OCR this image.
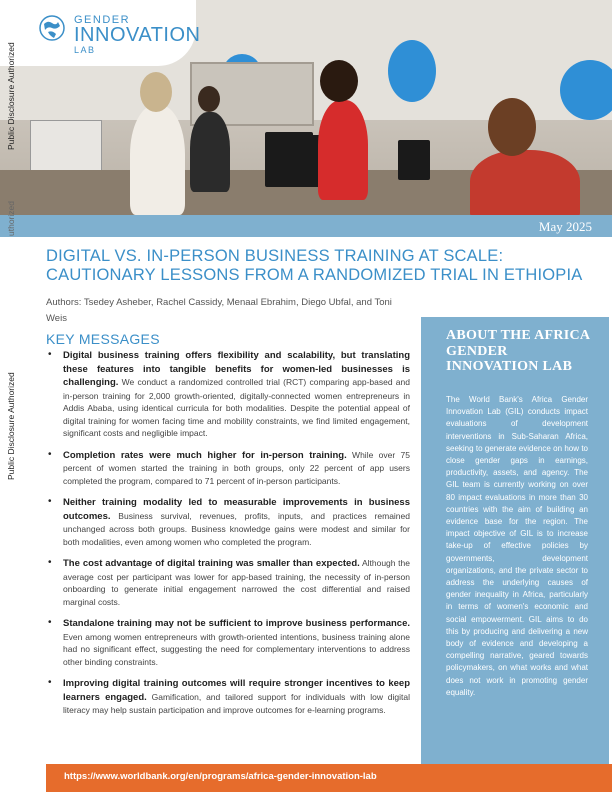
GENDER
INNOVATION
LAB
May 2025
Public Disclosure Authorized
uthorized
Public Disclosure Authorized
DIGITAL VS. IN-PERSON BUSINESS TRAINING AT SCALE:
CAUTIONARY LESSONS FROM A RANDOMIZED TRIAL IN ETHIOPIA
Authors: Tsedey Asheber, Rachel Cassidy, Menaal Ebrahim, Diego Ubfal, and Toni Weis
KEY MESSAGES
• Digital business training offers flexibility and scalability, but translating these features into tangible benefits for women-led businesses is challenging. We conduct a randomized controlled trial (RCT) comparing app-based and in-person training for 2,000 growth-oriented, digitally-connected women entrepreneurs in Addis Ababa, using identical curricula for both modalities. Despite the potential appeal of digital training for women facing time and mobility constraints, we find limited engagement, significant costs and negligible impact.
• Completion rates were much higher for in-person training. While over 75 percent of women started the training in both groups, only 22 percent of app users completed the program, compared to 71 percent of in-person participants.
• Neither training modality led to measurable improvements in business outcomes. Business survival, revenues, profits, inputs, and practices remained unchanged across both groups. Business knowledge gains were modest and similar for both modalities, even among women who completed the program.
• The cost advantage of digital training was smaller than expected. Although the average cost per participant was lower for app-based training, the necessity of in-person onboarding to generate initial engagement narrowed the cost differential and raised marginal costs.
• Standalone training may not be sufficient to improve business performance. Even among women entrepreneurs with growth-oriented intentions, business training alone had no significant effect, suggesting the need for complementary interventions to address other binding constraints.
• Improving digital training outcomes will require stronger incentives to keep learners engaged. Gamification, and tailored support for individuals with low digital literacy may help sustain participation and improve outcomes for e-learning programs.
ABOUT THE AFRICA GENDER INNOVATION LAB
The World Bank's Africa Gender Innovation Lab (GIL) conducts impact evaluations of development interventions in Sub-Saharan Africa, seeking to generate evidence on how to close gender gaps in earnings, productivity, assets, and agency. The GIL team is currently working on over 80 impact evaluations in more than 30 countries with the aim of building an evidence base for the region. The impact objective of GIL is to increase take-up of effective policies by governments, development organizations, and the private sector to address the underlying causes of gender inequality in Africa, particularly in terms of women's economic and social empowerment. GIL aims to do this by producing and delivering a new body of evidence and developing a compelling narrative, geared towards policymakers, on what works and what does not work in promoting gender equality.
https://www.worldbank.org/en/programs/africa-gender-innovation-lab
